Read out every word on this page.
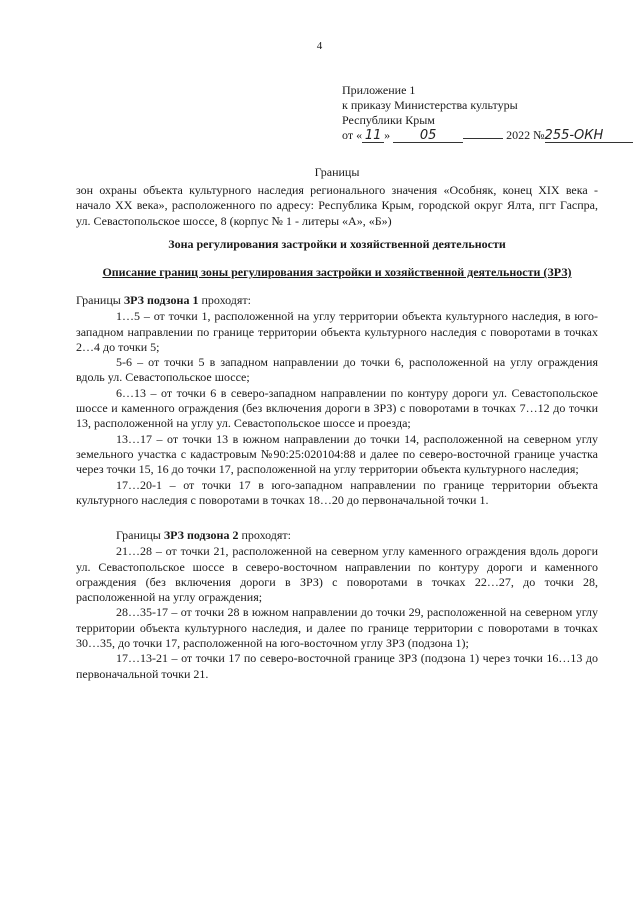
4
Приложение 1
к приказу Министерства культуры
Республики Крым
от « 11 » 05	2022 №255-ОКН
Границы
зон охраны объекта культурного наследия регионального значения «Особняк, конец XIX века - начало XX века», расположенного по адресу: Республика Крым, городской округ Ялта, пгт Гаспра, ул. Севастопольское шоссе, 8 (корпус № 1 - литеры «А», «Б»)
Зона регулирования застройки и хозяйственной деятельности
Описание границ зоны регулирования застройки и хозяйственной деятельности (ЗРЗ)

Границы ЗРЗ подзона 1 проходят:

1…5 – от точки 1, расположенной на углу территории объекта культурного наследия, в юго-западном направлении по границе территории объекта культурного наследия с поворотами в точках 2…4 до точки 5;

5-6 – от точки 5 в западном направлении до точки 6, расположенной на углу ограждения вдоль ул. Севастопольское шоссе;

6…13 – от точки 6 в северо-западном направлении по контуру дороги ул. Севастопольское шоссе и каменного ограждения (без включения дороги в ЗРЗ) с поворотами в точках 7…12 до точки 13, расположенной на углу ул. Севастопольское шоссе и проезда;

13…17 – от точки 13 в южном направлении до точки 14, расположенной на северном углу земельного участка с кадастровым №90:25:020104:88 и далее по северо-восточной границе участка через точки 15, 16 до точки 17, расположенной на углу территории объекта культурного наследия;

17…20-1 – от точки 17 в юго-западном направлении по границе территории объекта культурного наследия с поворотами в точках 18…20 до первоначальной точки 1.

Границы ЗРЗ подзона 2 проходят:

21…28 – от точки 21, расположенной на северном углу каменного ограждения вдоль дороги ул. Севастопольское шоссе в северо-восточном направлении по контуру дороги и каменного ограждения (без включения дороги в ЗРЗ) с поворотами в точках 22…27, до точки 28, расположенной на углу ограждения;

28…35-17 – от точки 28 в южном направлении до точки 29, расположенной на северном углу территории объекта культурного наследия, и далее по границе территории с поворотами в точках 30…35, до точки 17, расположенной на юго-восточном углу ЗРЗ (подзона 1);

17…13-21 – от точки 17 по северо-восточной границе ЗРЗ (подзона 1) через точки 16…13 до первоначальной точки 21.
